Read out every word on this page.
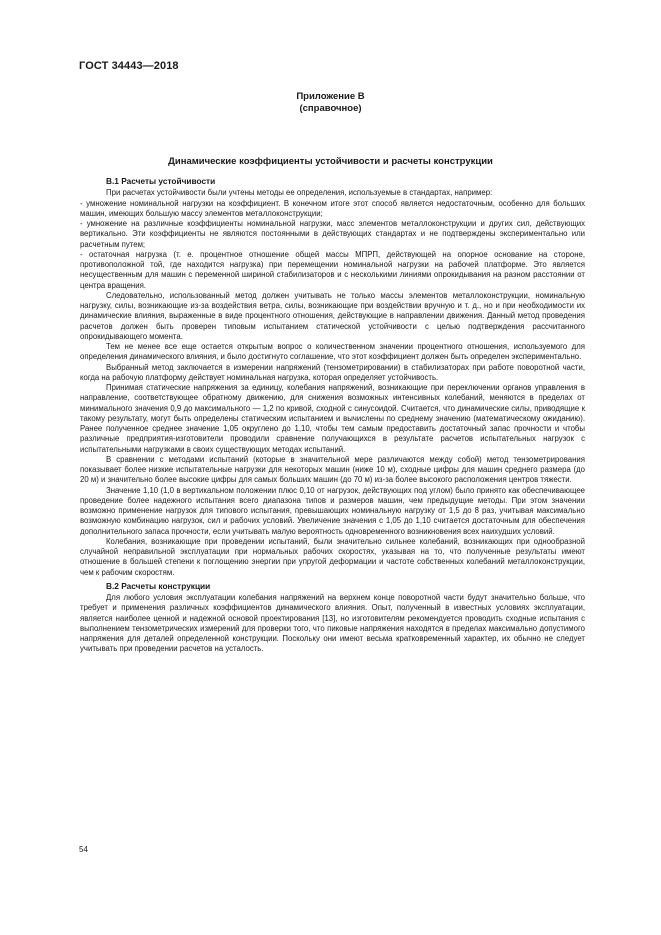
ГОСТ 34443—2018
Приложение В
(справочное)
Динамические коэффициенты устойчивости и расчеты конструкции
В.1 Расчеты устойчивости

При расчетах устойчивости были учтены методы ее определения, используемые в стандартах, например:

- умножение номинальной нагрузки на коэффициент. В конечном итоге этот способ является недостаточным, особенно для больших машин, имеющих большую массу элементов металлоконструкции;

- умножение на различные коэффициенты номинальной нагрузки, масс элементов металлоконструкции и других сил, действующих вертикально. Эти коэффициенты не являются постоянными в действующих стандартах и не подтверждены экспериментально или расчетным путем;

- остаточная нагрузка (т. е. процентное отношение общей массы МПРП, действующей на опорное основание на стороне, противоположной той, где находится нагрузка) при перемещении номинальной нагрузки на рабочей платформе. Это является несущественным для машин с переменной шириной стабилизаторов и с несколькими линиями опрокидывания на разном расстоянии от центра вращения.

Следовательно, использованный метод должен учитывать не только массы элементов металлоконструкции, номинальную нагрузку, силы, возникающие из-за воздействия ветра, силы, возникающие при воздействии вручную и т. д., но и при необходимости их динамические влияния, выраженные в виде процентного отношения, действующие в направлении движения. Данный метод проведения расчетов должен быть проверен типовым испытанием статической устойчивости с целью подтверждения рассчитанного опрокидывающего момента.

Тем не менее все еще остается открытым вопрос о количественном значении процентного отношения, используемого для определения динамического влияния, и было достигнуто соглашение, что этот коэффициент должен быть определен экспериментально.

Выбранный метод заключается в измерении напряжений (тензометрировании) в стабилизаторах при работе поворотной части, когда на рабочую платформу действует номинальная нагрузка, которая определяет устойчивость.

Принимая статические напряжения за единицу, колебания напряжений, возникающие при переключении органов управления в направление, соответствующее обратному движению, для снижения возможных интенсивных колебаний, меняются в пределах от минимального значения 0,9 до максимального — 1,2 по кривой, сходной с синусоидой. Считается, что динамические силы, приводящие к такому результату, могут быть определены статическим испытанием и вычислены по среднему значению (математическому ожиданию). Ранее полученное среднее значение 1,05 округлено до 1,10, чтобы тем самым предоставить достаточный запас прочности и чтобы различные предприятия-изготовители проводили сравнение получающихся в результате расчетов испытательных нагрузок с испытательными нагрузками в своих существующих методах испытаний.

В сравнении с методами испытаний (которые в значительной мере различаются между собой) метод тензометрирования показывает более низкие испытательные нагрузки для некоторых машин (ниже 10 м), сходные цифры для машин среднего размера (до 20 м) и значительно более высокие цифры для самых больших машин (до 70 м) из-за более высокого расположения центров тяжести.

Значение 1,10 (1,0 в вертикальном положении плюс 0,10 от нагрузок, действующих под углом) было принято как обеспечивающее проведение более надежного испытания всего диапазона типов и размеров машин, чем предыдущие методы. При этом значении возможно применение нагрузок для типового испытания, превышающих номинальную нагрузку от 1,5 до 8 раз, учитывая максимально возможную комбинацию нагрузок, сил и рабочих условий. Увеличение значения с 1,05 до 1,10 считается достаточным для обеспечения дополнительного запаса прочности, если учитывать малую вероятность одновременного возникновения всех наихудших условий.

Колебания, возникающие при проведении испытаний, были значительно сильнее колебаний, возникающих при однообразной случайной неправильной эксплуатации при нормальных рабочих скоростях, указывая на то, что полученные результаты имеют отношение в большей степени к поглощению энергии при упругой деформации и частоте собственных колебаний металлоконструкции, чем к рабочим скоростям.

В.2 Расчеты конструкции

Для любого условия эксплуатации колебания напряжений на верхнем конце поворотной части будут значительно больше, что требует и применения различных коэффициентов динамического влияния. Опыт, полученный в известных условиях эксплуатации, является наиболее ценной и надежной основой проектирования [13], но изготовителям рекомендуется проводить сходные испытания с выполнением тензометрических измерений для проверки того, что пиковые напряжения находятся в пределах максимально допустимого напряжения для деталей определенной конструкции. Поскольку они имеют весьма кратковременный характер, их обычно не следует учитывать при проведении расчетов на усталость.

54
